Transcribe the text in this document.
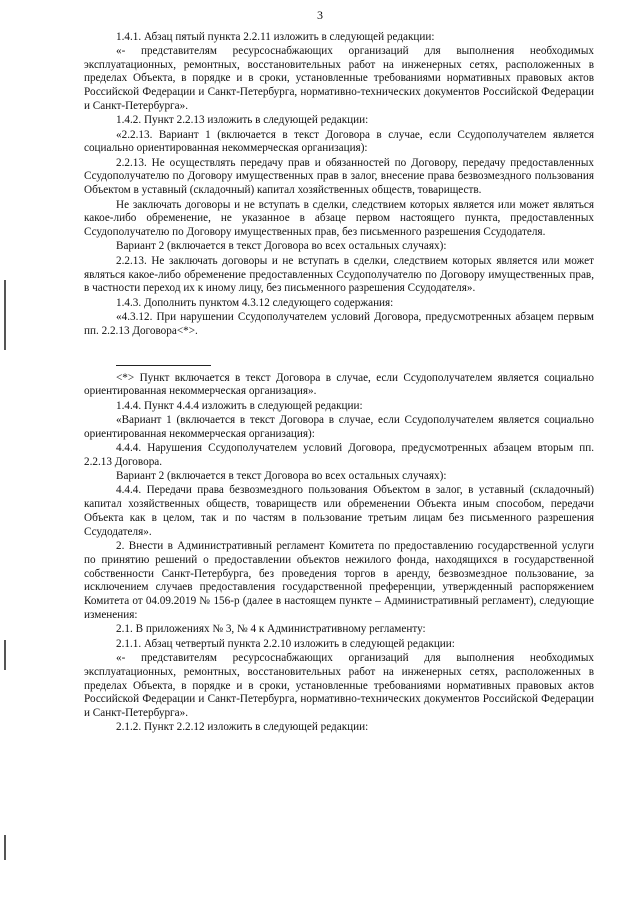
3

1.4.1. Абзац пятый пункта 2.2.11 изложить в следующей редакции:

«- представителям ресурсоснабжающих организаций для выполнения необходимых эксплуатационных, ремонтных, восстановительных работ на инженерных сетях, расположенных в пределах Объекта, в порядке и в сроки, установленные требованиями нормативных правовых актов Российской Федерации и Санкт-Петербурга, нормативно-технических документов Российской Федерации и Санкт-Петербурга».

1.4.2. Пункт 2.2.13 изложить в следующей редакции:

«2.2.13. Вариант 1 (включается в текст Договора в случае, если Ссудополучателем является социально ориентированная некоммерческая организация):

2.2.13. Не осуществлять передачу прав и обязанностей по Договору, передачу предоставленных Ссудополучателю по Договору имущественных прав в залог, внесение права безвозмездного пользования Объектом в уставный (складочный) капитал хозяйственных обществ, товариществ.

Не заключать договоры и не вступать в сделки, следствием которых является или может являться какое-либо обременение, не указанное в абзаце первом настоящего пункта, предоставленных Ссудополучателю по Договору имущественных прав, без письменного разрешения Ссудодателя.

Вариант 2 (включается в текст Договора во всех остальных случаях):

2.2.13. Не заключать договоры и не вступать в сделки, следствием которых является или может являться какое-либо обременение предоставленных Ссудополучателю по Договору имущественных прав, в частности переход их к иному лицу, без письменного разрешения Ссудодателя».

1.4.3. Дополнить пунктом 4.3.12 следующего содержания:

«4.3.12. При нарушении Ссудополучателем условий Договора, предусмотренных абзацем первым пп. 2.2.13 Договора<*>.

<*> Пункт включается в текст Договора в случае, если Ссудополучателем является социально ориентированная некоммерческая организация».

1.4.4. Пункт 4.4.4 изложить в следующей редакции:

«Вариант 1 (включается в текст Договора в случае, если Ссудополучателем является социально ориентированная некоммерческая организация):

4.4.4. Нарушения Ссудополучателем условий Договора, предусмотренных абзацем вторым пп. 2.2.13 Договора.

Вариант 2 (включается в текст Договора во всех остальных случаях):

4.4.4. Передачи права безвозмездного пользования Объектом в залог, в уставный (складочный) капитал хозяйственных обществ, товариществ или обременении Объекта иным способом, передачи Объекта как в целом, так и по частям в пользование третьим лицам без письменного разрешения Ссудодателя».

2. Внести в Административный регламент Комитета по предоставлению государственной услуги по принятию решений о предоставлении объектов нежилого фонда, находящихся в государственной собственности Санкт-Петербурга, без проведения торгов в аренду, безвозмездное пользование, за исключением случаев предоставления государственной преференции, утвержденный распоряжением Комитета от 04.09.2019 № 156-р (далее в настоящем пункте – Административный регламент), следующие изменения:

2.1. В приложениях № 3, № 4 к Административному регламенту:

2.1.1. Абзац четвертый пункта 2.2.10 изложить в следующей редакции:

«- представителям ресурсоснабжающих организаций для выполнения необходимых эксплуатационных, ремонтных, восстановительных работ на инженерных сетях, расположенных в пределах Объекта, в порядке и в сроки, установленные требованиями нормативных правовых актов Российской Федерации и Санкт-Петербурга, нормативно-технических документов Российской Федерации и Санкт-Петербурга».

2.1.2. Пункт 2.2.12 изложить в следующей редакции:
